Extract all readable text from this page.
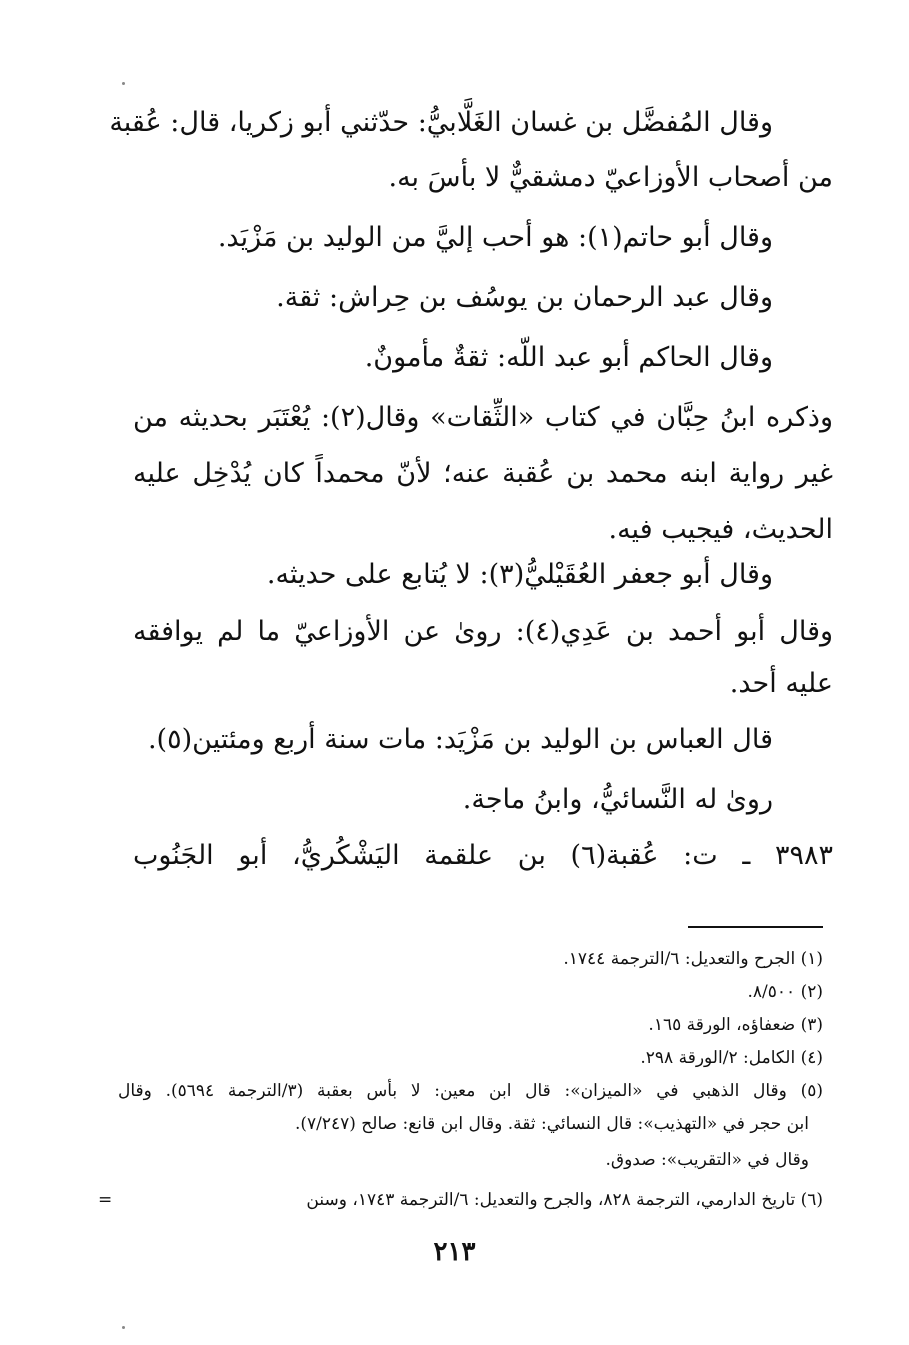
وقال المُفضَّل بن غسان الغَلَّابيُّ: حدّثني أبو زكريا، قال: عُقبة
من أصحاب الأوزاعيّ دمشقيٌّ لا بأسَ به.
وقال أبو حاتم(١): هو أحب إليَّ من الوليد بن مَزْيَد.
وقال عبد الرحمان بن يوسُف بن حِراش: ثقة.
وقال الحاكم أبو عبد اللّه: ثقةٌ مأمونٌ.
وذكره ابنُ حِبَّان في كتاب «الثِّقات» وقال(٢): يُعْتَبَر بحديثه من
غير رواية ابنه محمد بن عُقبة عنه؛ لأنّ محمداً كان يُدْخِل عليه
الحديث، فيجيب فيه.
وقال أبو جعفر العُقَيْليُّ(٣): لا يُتابع على حديثه.
وقال أبو أحمد بن عَدِي(٤): روىٰ عن الأوزاعيّ ما لم يوافقه
عليه أحد.
قال العباس بن الوليد بن مَزْيَد: مات سنة أربع ومئتين(٥).
روىٰ له النَّسائيُّ، وابنُ ماجة.
٣٩٨٣ ـ ت: عُقبة(٦) بن علقمة اليَشْكُريُّ، أبو الجَنُوب
(١) الجرح والتعديل: ٦/الترجمة ١٧٤٤.
(٢) ٨/٥٠٠.
(٣) ضعفاؤه، الورقة ١٦٥.
(٤) الكامل: ٢/الورقة ٢٩٨.
(٥) وقال الذهبي في «الميزان»: قال ابن معين: لا بأس بعقبة (٣/الترجمة ٥٦٩٤). وقال
ابن حجر في «التهذيب»: قال النسائي: ثقة. وقال ابن قانع: صالح (٧/٢٤٧).
وقال في «التقريب»: صدوق.
(٦) تاريخ الدارمي، الترجمة ٨٢٨، والجرح والتعديل: ٦/الترجمة ١٧٤٣، وسنن
=
٢١٣
